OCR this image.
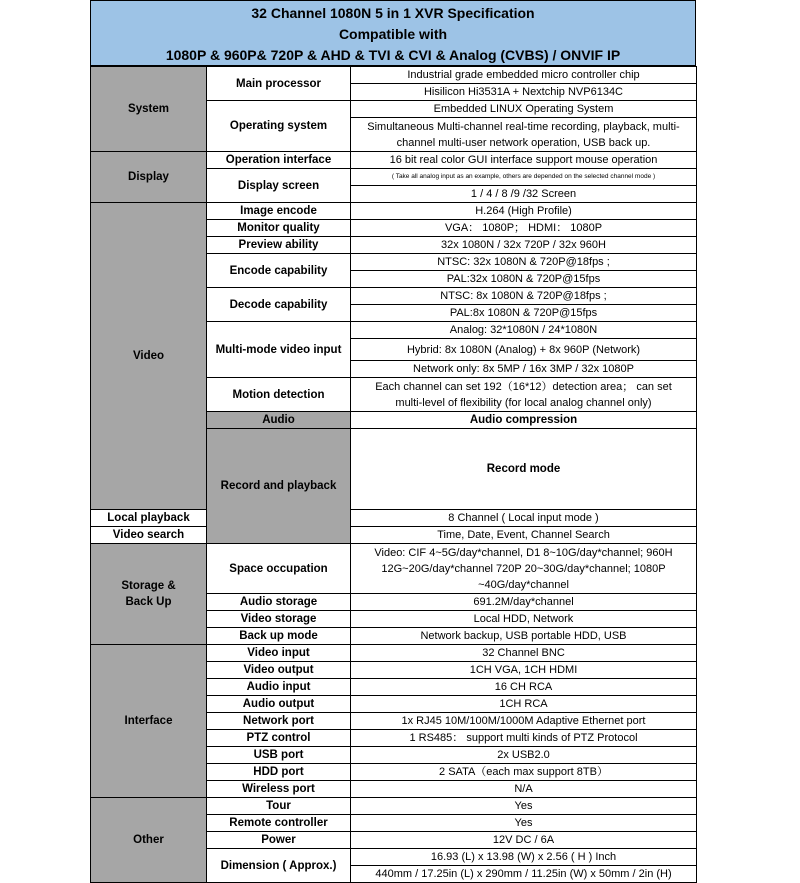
32 Channel 1080N 5 in 1 XVR Specification
Compatible with
1080P & 960P& 720P & AHD & TVI & CVI & Analog (CVBS) / ONVIF IP
System	Main processor	Industrial grade embedded micro controller chip	
		Hisilicon Hi3531A + Nextchip NVP6134C	
	Operating system	Embedded LINUX Operating System	
		Simultaneous Multi-channel real-time recording, playback, multi-channel multi-user network operation, USB back up.	
Display	Operation interface	16 bit real color GUI interface support mouse operation	
	Display screen	( Take all analog input as an example, others are depended on the selected channel mode )	
		1 / 4 / 8 /9 /32 Screen	
Video	Image encode	H.264 (High Profile)	
	Monitor quality	VGA： 1080P； HDMI： 1080P	
	Preview ability	32x 1080N / 32x 720P / 32x 960H	
	Encode capability	NTSC: 32x 1080N & 720P@18fps ;	
		PAL:32x 1080N & 720P@15fps	
	Decode capability	NTSC: 8x 1080N & 720P@18fps ;	
		PAL:8x 1080N & 720P@15fps	
	Multi-mode video input	Analog: 32*1080N / 24*1080N	
		Hybrid: 8x 1080N (Analog) + 8x 960P (Network)	
		Network only: 8x 5MP / 16x 3MP / 32x 1080P	
	Motion detection	Each channel can set 192（16*12）detection area； can set multi-level of flexibility (for local analog channel only)	
	Audio	Audio compression	
	Record and playback	Record mode	
Local playback		8 Channel ( Local input mode )	
Video search		Time, Date, Event, Channel Search	
Storage & Back Up	Space occupation	Video: CIF 4~5G/day*channel, D1 8~10G/day*channel; 960H 12G~20G/day*channel 720P 20~30G/day*channel; 1080P ~40G/day*channel	
	Audio storage	691.2M/day*channel	
	Video storage	Local HDD, Network	
	Back up mode	Network backup, USB portable HDD, USB	
Interface	Video input	32 Channel BNC	
	Video output	1CH VGA, 1CH HDMI	
	Audio input	16 CH RCA	
	Audio output	1CH RCA	
	Network port	1x RJ45 10M/100M/1000M Adaptive Ethernet port	
	PTZ control	1 RS485： support multi kinds of PTZ Protocol	
	USB port	2x USB2.0	
	HDD port	2 SATA（each max support 8TB）	
	Wireless port	N/A	
Other	Tour	Yes	
	Remote controller	Yes	
	Power	12V DC / 6A	
	Dimension ( Approx.)	16.93 (L) x 13.98 (W) x 2.56 ( H ) Inch	
		440mm / 17.25in (L) x 290mm / 11.25in (W) x 50mm / 2in (H)	
